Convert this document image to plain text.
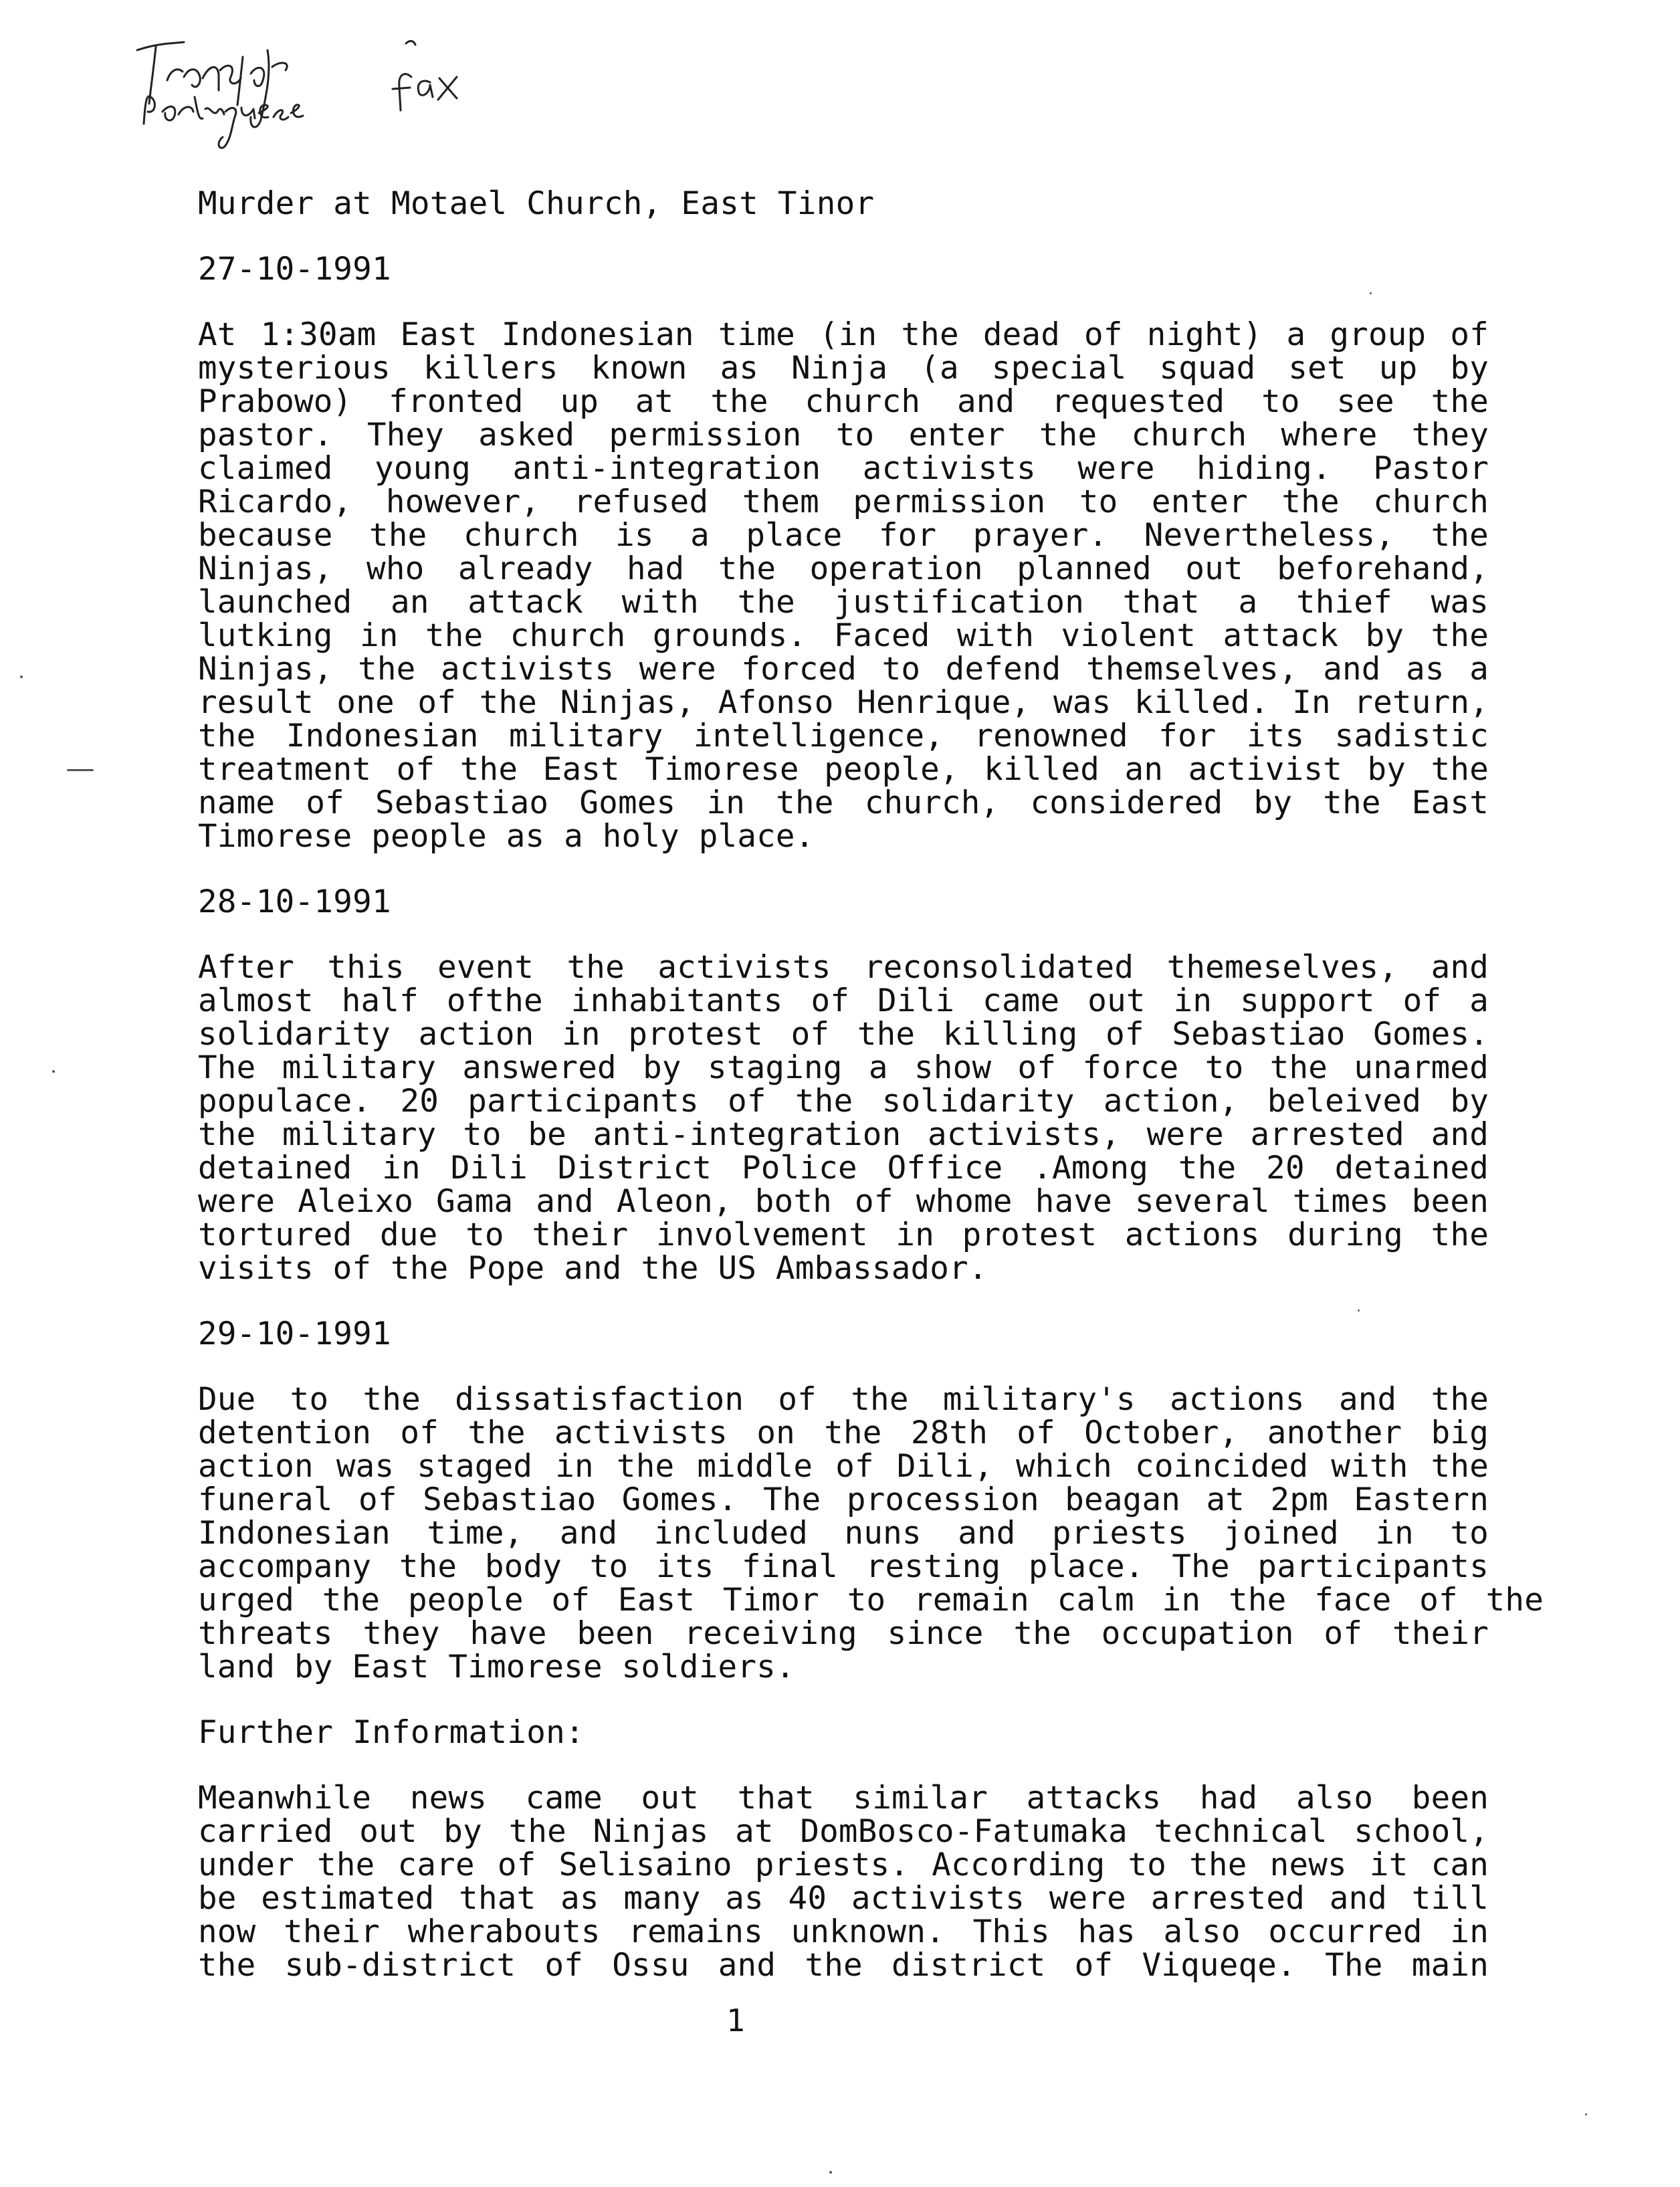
Murder at Motael Church, East Tinor
27-10-1991
At 1:30am East Indonesian time (in the dead of night) a group of
mysterious killers known as Ninja (a special squad set up by
Prabowo) fronted up at the church and requested to see the
pastor. They asked permission to enter the church where they
claimed young anti-integration activists were hiding. Pastor
Ricardo, however, refused them permission to enter the church
because the church is a place for prayer. Nevertheless, the
Ninjas, who already had the operation planned out beforehand,
launched an attack with the justification that a thief was
lutking in the church grounds. Faced with violent attack by the
Ninjas, the activists were forced to defend themselves, and as a
result one of the Ninjas, Afonso Henrique, was killed. In return,
the Indonesian military intelligence, renowned for its sadistic
treatment of the East Timorese people, killed an activist by the
name of Sebastiao Gomes in the church, considered by the East
Timorese people as a holy place.
28-10-1991
After this event the activists reconsolidated themeselves, and
almost half ofthe inhabitants of Dili came out in support of a
solidarity action in protest of the killing of Sebastiao Gomes.
The military answered by staging a show of force to the unarmed
populace. 20 participants of the solidarity action, beleived by
the military to be anti-integration activists, were arrested and
detained in Dili District Police Office .Among the 20 detained
were Aleixo Gama and Aleon, both of whome have several times been
tortured due to their involvement in protest actions during the
visits of the Pope and the US Ambassador.
29-10-1991
Due to the dissatisfaction of the military's actions and the
detention of the activists on the 28th of October, another big
action was staged in the middle of Dili, which coincided with the
funeral of Sebastiao Gomes. The procession beagan at 2pm Eastern
Indonesian time, and included nuns and priests joined in to
accompany the body to its final resting place. The participants
urged the people of East Timor to remain calm in the face of the
threats they have been receiving since the occupation of their
land by East Timorese soldiers.
Further Information:
Meanwhile news came out that similar attacks had also been
carried out by the Ninjas at DomBosco-Fatumaka technical school,
under the care of Selisaino priests. According to the news it can
be estimated that as many as 40 activists were arrested and till
now their wherabouts remains unknown. This has also occurred in
the sub-district of Ossu and the district of Viqueqe. The main
1
